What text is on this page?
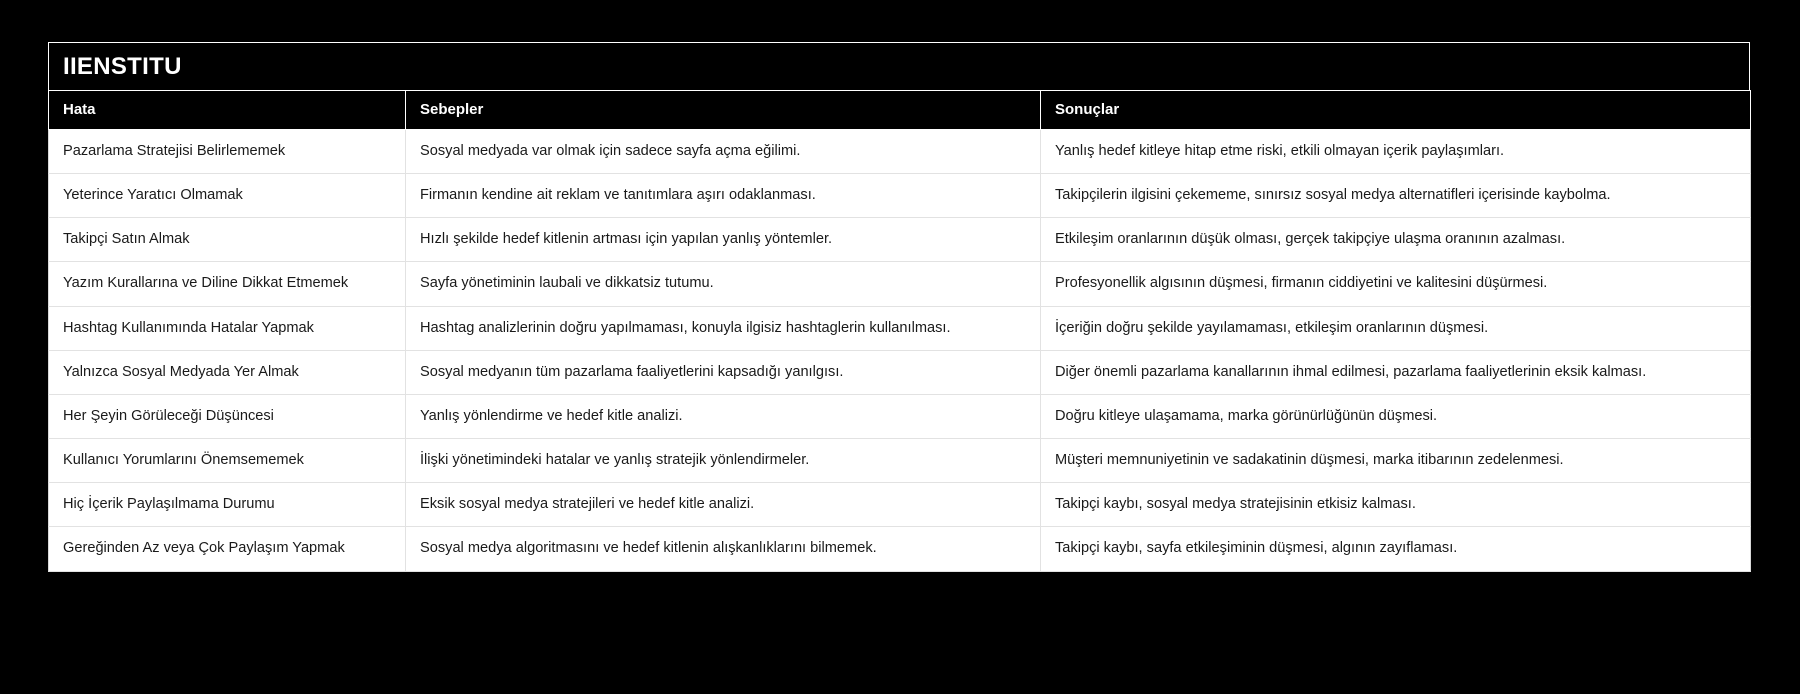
IIENSTITU
Hata	Sebepler	Sonuçlar
Pazarlama Stratejisi Belirlememek	Sosyal medyada var olmak için sadece sayfa açma eğilimi.	Yanlış hedef kitleye hitap etme riski, etkili olmayan içerik paylaşımları.
Yeterince Yaratıcı Olmamak	Firmanın kendine ait reklam ve tanıtımlara aşırı odaklanması.	Takipçilerin ilgisini çekememe, sınırsız sosyal medya alternatifleri içerisinde kaybolma.
Takipçi Satın Almak	Hızlı şekilde hedef kitlenin artması için yapılan yanlış yöntemler.	Etkileşim oranlarının düşük olması, gerçek takipçiye ulaşma oranının azalması.
Yazım Kurallarına ve Diline Dikkat Etmemek	Sayfa yönetiminin laubali ve dikkatsiz tutumu.	Profesyonellik algısının düşmesi, firmanın ciddiyetini ve kalitesini düşürmesi.
Hashtag Kullanımında Hatalar Yapmak	Hashtag analizlerinin doğru yapılmaması, konuyla ilgisiz hashtaglerin kullanılması.	İçeriğin doğru şekilde yayılamaması, etkileşim oranlarının düşmesi.
Yalnızca Sosyal Medyada Yer Almak	Sosyal medyanın tüm pazarlama faaliyetlerini kapsadığı yanılgısı.	Diğer önemli pazarlama kanallarının ihmal edilmesi, pazarlama faaliyetlerinin eksik kalması.
Her Şeyin Görüleceği Düşüncesi	Yanlış yönlendirme ve hedef kitle analizi.	Doğru kitleye ulaşamama, marka görünürlüğünün düşmesi.
Kullanıcı Yorumlarını Önemsememek	İlişki yönetimindeki hatalar ve yanlış stratejik yönlendirmeler.	Müşteri memnuniyetinin ve sadakatinin düşmesi, marka itibarının zedelenmesi.
Hiç İçerik Paylaşılmama Durumu	Eksik sosyal medya stratejileri ve hedef kitle analizi.	Takipçi kaybı, sosyal medya stratejisinin etkisiz kalması.
Gereğinden Az veya Çok Paylaşım Yapmak	Sosyal medya algoritmasını ve hedef kitlenin alışkanlıklarını bilmemek.	Takipçi kaybı, sayfa etkileşiminin düşmesi, algının zayıflaması.
